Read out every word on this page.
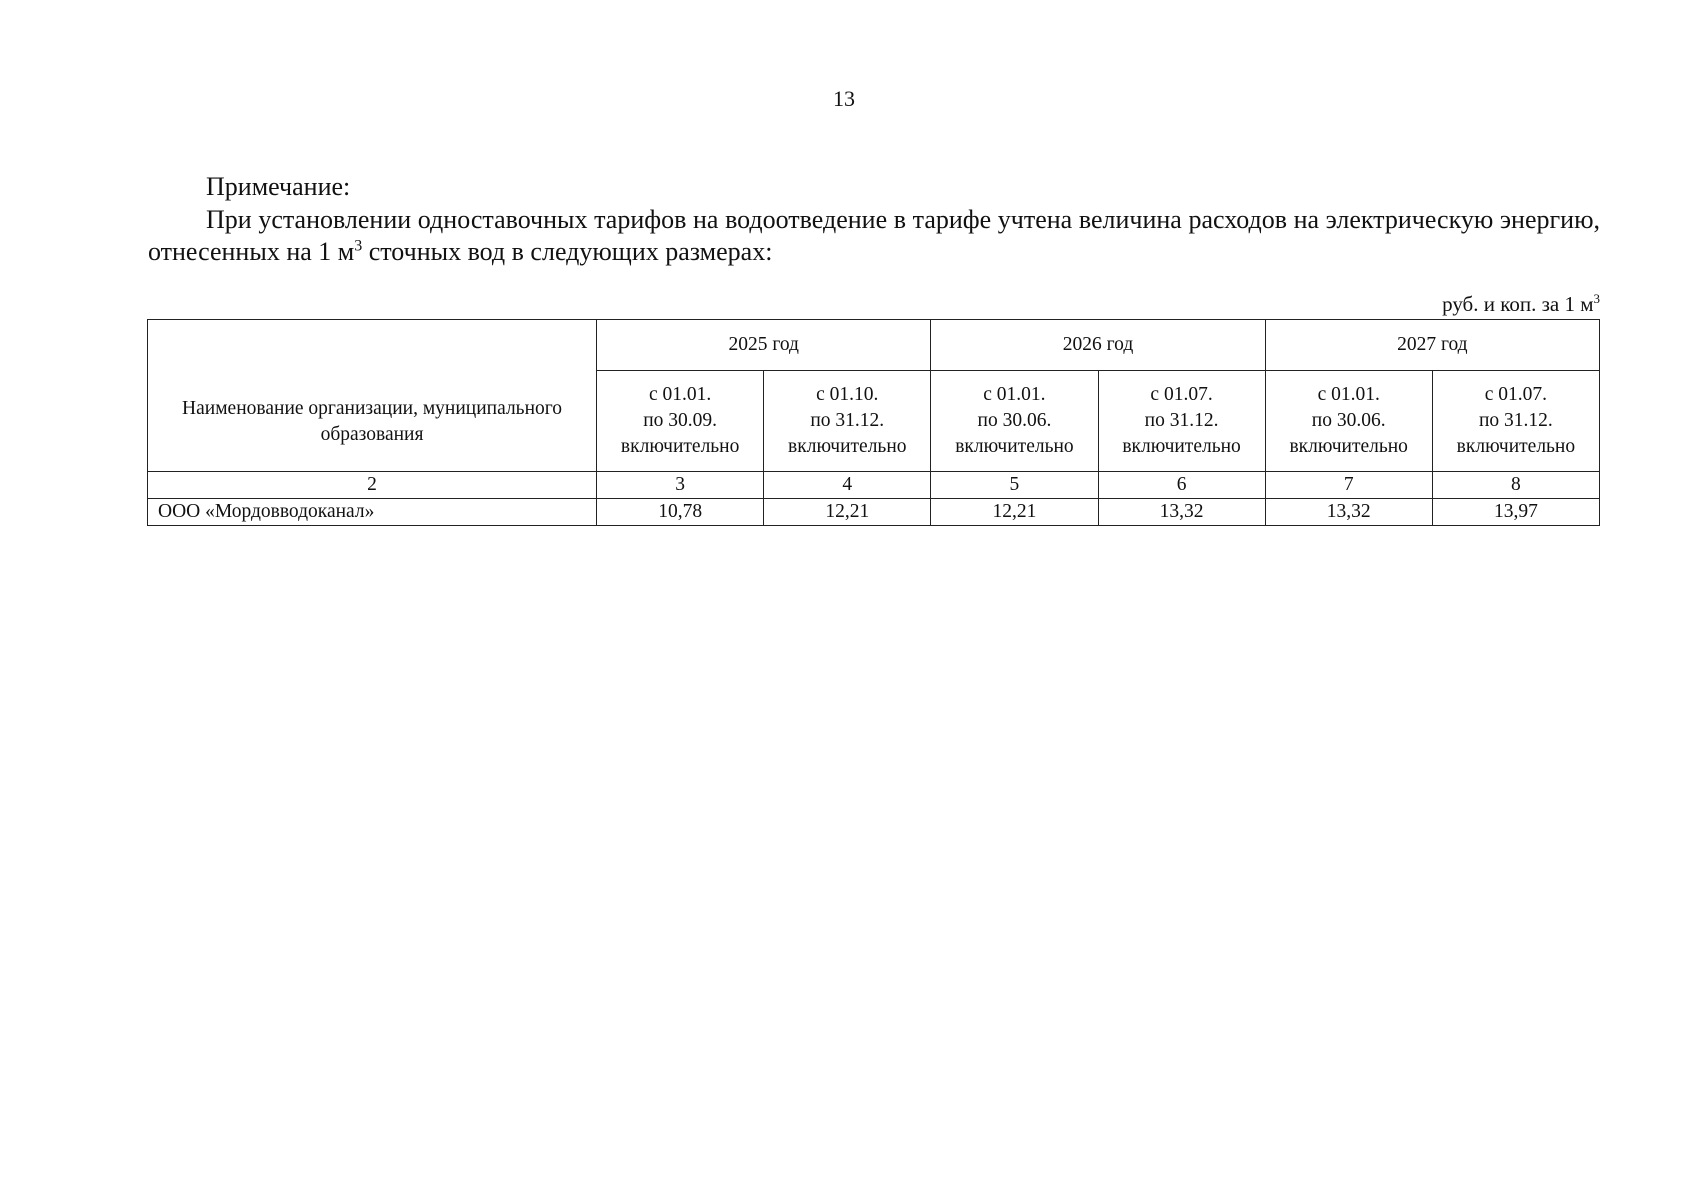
13
Примечание:
При установлении одноставочных тарифов на водоотведение в тарифе учтена величина расходов на электрическую энергию, отнесенных на 1 $м^3$ сточных вод в следующих размерах:
руб. и коп. за 1 $м^3$
Наименование организации, муниципального образования	2025 год		2026 год		2027 год	

	с 01.01.
по 30.09.
включительно	с 01.10.
по 31.12.
включительно	с 01.01.
по 30.06.
включительно	с 01.07.
по 31.12.
включительно	с 01.01.
по 30.06.
включительно	с 01.07.
по 31.12.
включительно

2	3	4	5	6	7	8
ООО «Мордовводоканал»	10,78	12,21	12,21	13,32	13,32	13,97
